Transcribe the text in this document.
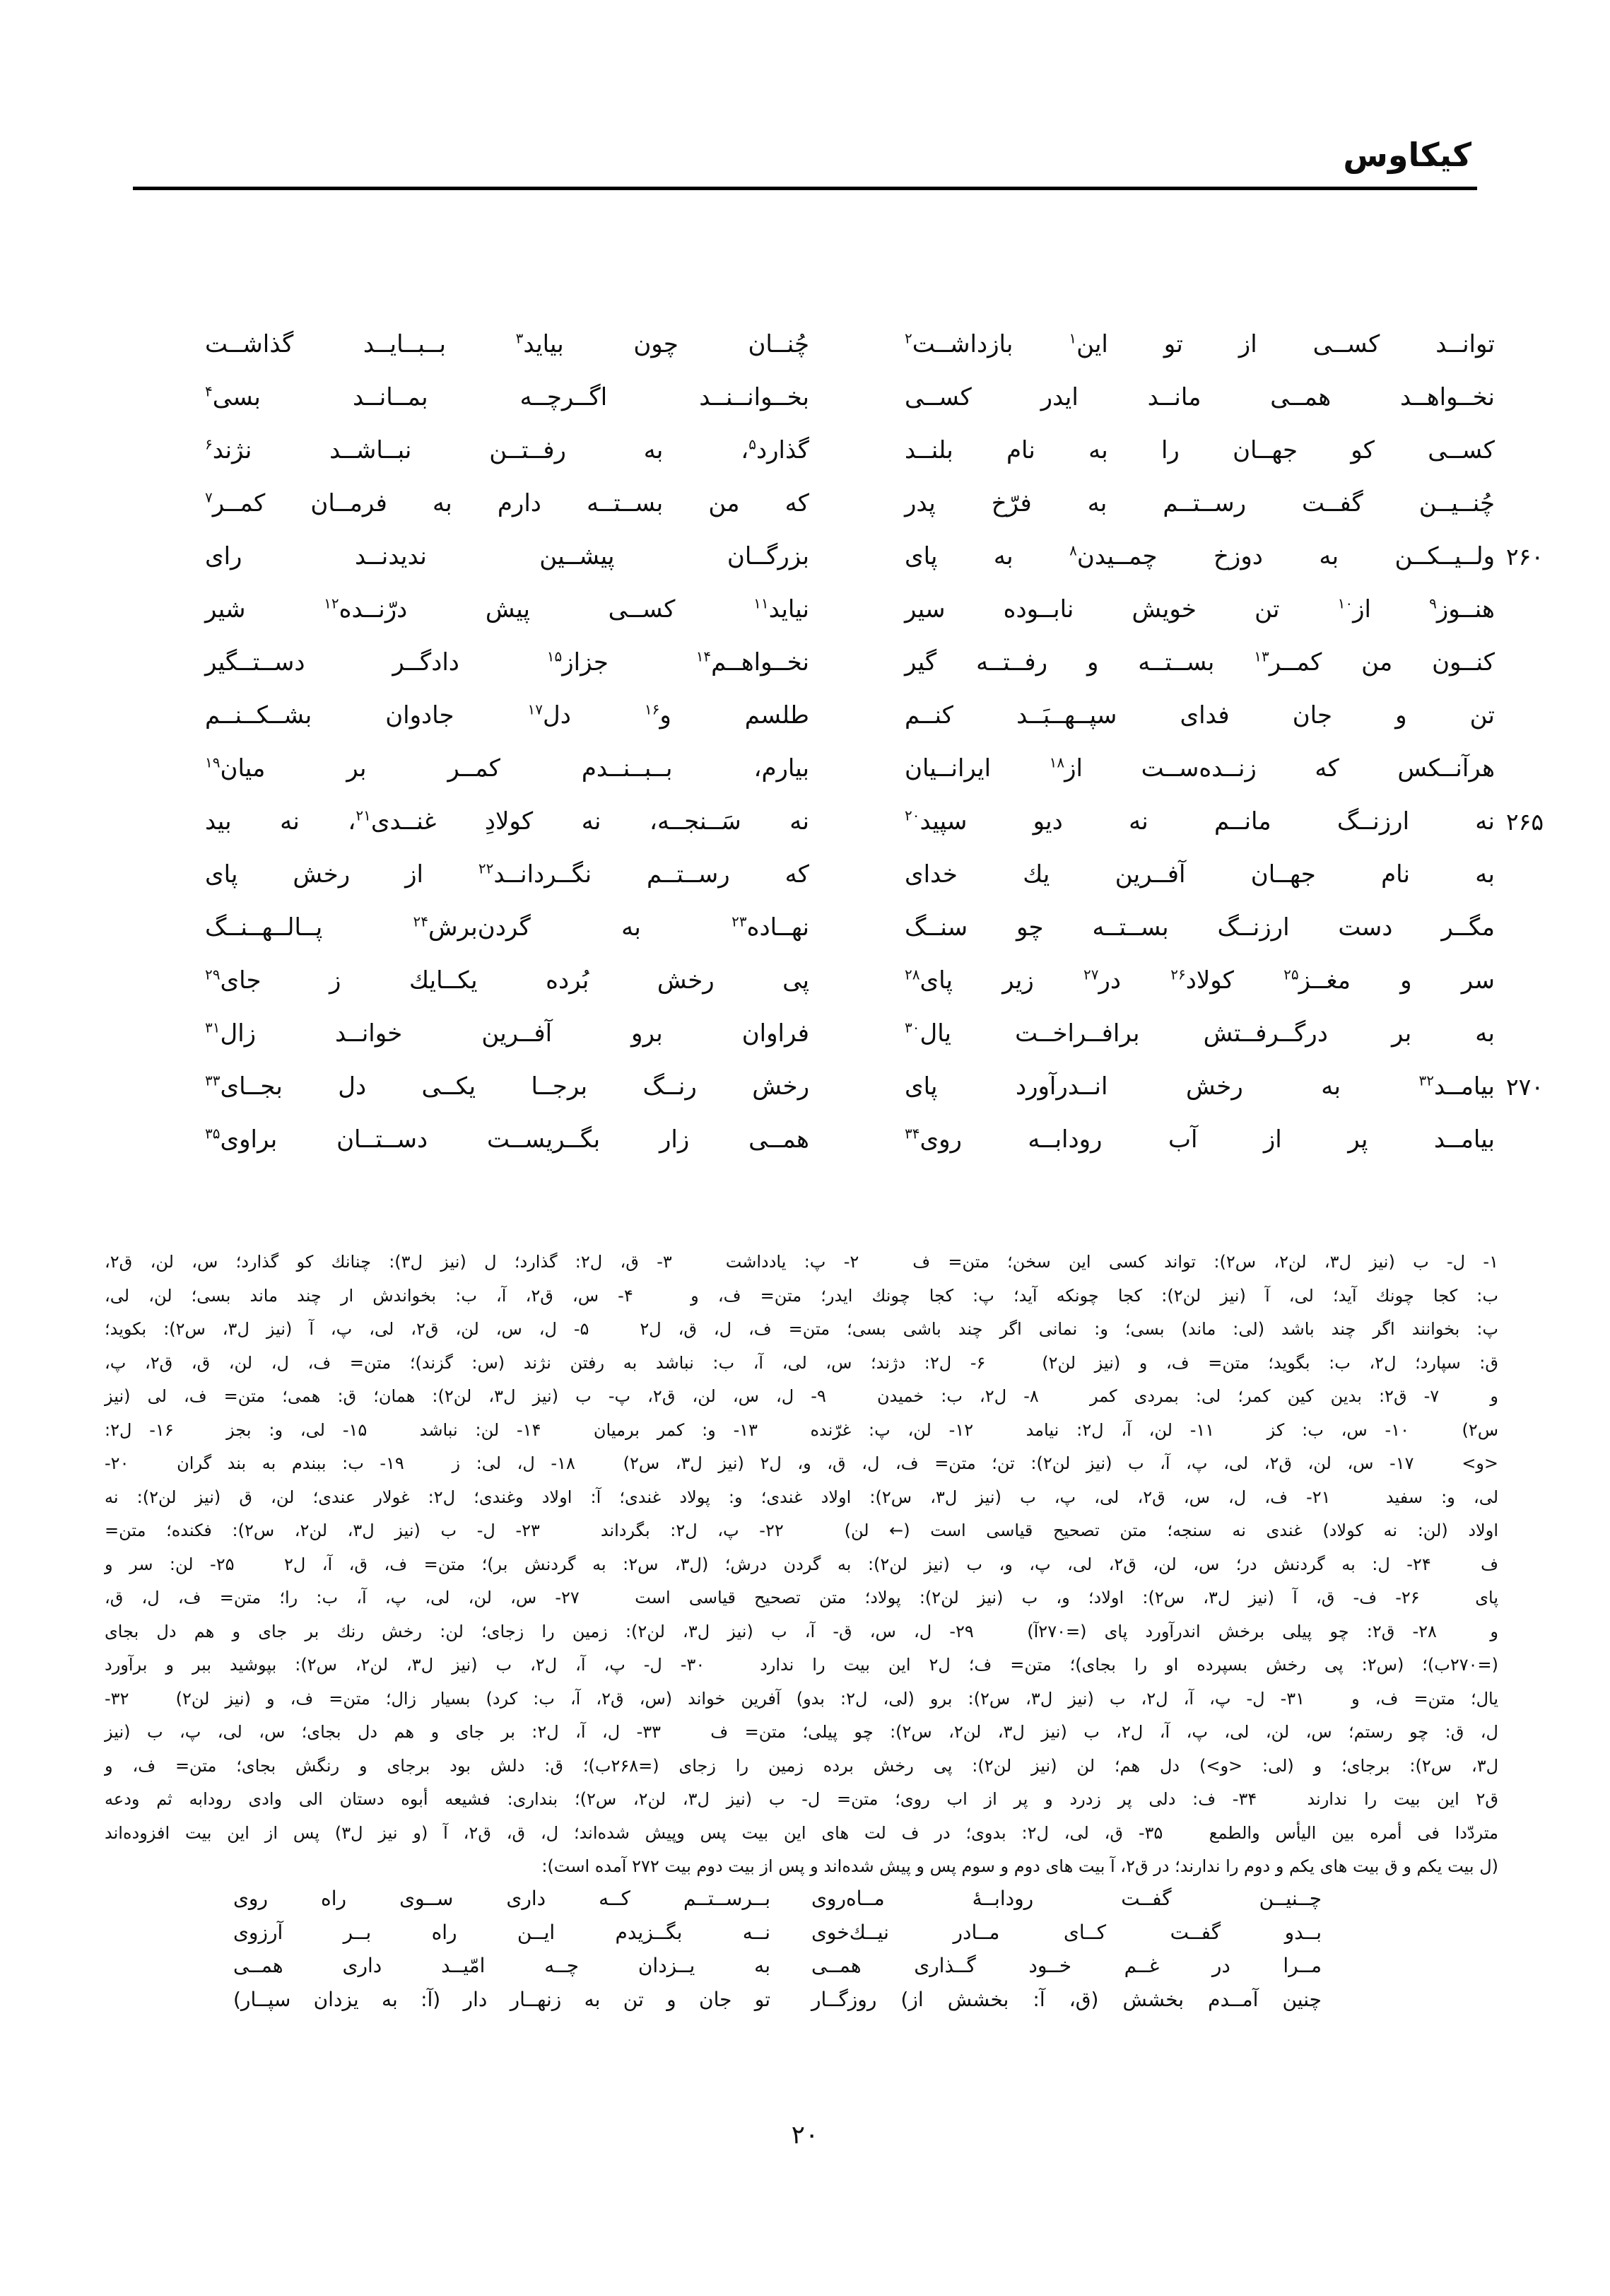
کیکاوس
توانــد کســی از تو این$^۱$ بازداشــت$^۲$
چُنــان چون بیاید$^۳$ بــبــایــد گذاشــت
نخــواهــد همــی مانــد ایدر کســی
بخــوانــنــد اگــرچــه بمــانــد بسی$^۴$
کســی کو جهــان را به نام بلنــد
گذارد$^۵$، به رفــتــن نبــاشــد نژند$^۶$
چُنــیــن گفــت رســتــم به فرّخ پدر
که من بســتــه دارم به فرمــان کمــر$^۷$
۲۶۰
ولــیــکــن به دوزخ چمــیدن$^۸$ به پای
بزرگــان پیشــین ندیدنــد رای
هنــوز$^۹$ از$^{۱۰}$ تن خویش نابــوده سیر
نیاید$^{۱۱}$ کســی پیش درّنــده$^{۱۲}$ شیر
کنــون من کمــر$^{۱۳}$ بســتــه و رفــتــه گیر
نخــواهــم$^{۱۴}$ جزاز$^{۱۵}$ دادگــر دســتــگیر
تن و جان فدای سپــهــبَــد کنــم
طلسم و$^{۱۶}$ دل$^{۱۷}$ جادوان بشــکــنــم
هرآنــکس که زنــده‌ســت از$^{۱۸}$ ایرانــیان
بیارم، بــبــنــدم کمــر بر میان$^{۱۹}$
۲۶۵
نه ارزنــگ مانــم نه دیو سپید$^{۲۰}$
نه سَــنجــه، نه کولادِ غنــدی$^{۲۱}$، نه بید
به نام جهــان آفــرین یك خدای
که رســتــم نگــردانــد$^{۲۲}$ از رخش پای
مگــر دست ارزنــگ بســتــه چو سنــگ
نهــاده$^{۲۳}$ به گردن‌برش$^{۲۴}$ پــالــهــنــگ
سر و مغــز$^{۲۵}$ کولاد$^{۲۶}$ در$^{۲۷}$ زیر پای$^{۲۸}$
پی رخش بُرده یکــایك ز جای$^{۲۹}$
به بر درگــرفــتش برافــراخــت یال$^{۳۰}$
فراوان برو آفــرین خوانــد زال$^{۳۱}$
۲۷۰
بیامــد$^{۳۲}$ به رخش انــدرآورد پای
رخش رنــگ برجــا یکــی دل بجــای$^{۳۳}$
بیامــد پر از آب رودابــه روی$^{۳۴}$
همــی زار بگــریســت دســتــان براوی$^{۳۵}$
۱- ل- ب (نیز ل۳، لن۲، س۲): تواند کسی این سخن؛ متن= ف   ۲- پ: یادداشت   ۳- ق، ل۲: گذارد؛ ل (نیز ل۳): چنانك کو گذارد؛ س، لن، ق۲،
ب: کجا چونك آید؛ لی، آ (نیز لن۲): کجا چونکه آید؛ پ: کجا چونك ایدر؛ متن= ف، و   ۴- س، ق۲، آ، ب: بخواندش ار چند ماند بسی؛ لن، لی،
پ: بخوانند اگر چند باشد (لی: ماند) بسی؛ و: نمانی اگر چند باشی بسی؛ متن= ف، ل، ق، ل۲   ۵- ل، س، لن، ق۲، لی، پ، آ (نیز ل۳، س۲): بکوید؛
ق: سپارد؛ ل۲، ب: بگوید؛ متن= ف، و (نیز لن۲)   ۶- ل۲: دژند؛ س، لی، آ، ب: نباشد به رفتن نژند (س: گزند)؛ متن= ف، ل، لن، ق، ق۲، پ،
و   ۷- ق۲: بدین کین کمر؛ لی: بمردی کمر   ۸- ل۲، ب: خمیدن   ۹- ل، س، لن، ق۲، پ- ب (نیز ل۳، لن۲): همان؛ ق: همی؛ متن= ف، لی (نیز
س۲)   ۱۰- س، ب: کز   ۱۱- لن، آ، ل۲: نیامد   ۱۲- لن، پ: غرّنده   ۱۳- و: کمر برمیان   ۱۴- لن: نباشد   ۱۵- لی، و: بجز   ۱۶- ل۲:
<و>   ۱۷- س، لن، ق۲، لی، پ، آ، ب (نیز لن۲): تن؛ متن= ف، ل، ق، و، ل۲ (نیز ل۳، س۲)   ۱۸- ل، لی: ز   ۱۹- ب: ببندم به بند گران   ۲۰-
لی، و: سفید   ۲۱- ف، ل، س، ق۲، لی، پ، ب (نیز ل۳، س۲): اولاد غندی؛ و: پولاد غندی؛ آ: اولاد وغندی؛ ل۲: غولار عندی؛ لن، ق (نیز لن۲): نه
اولاد (لن: نه کولاد) غندی نه سنجه؛ متن تصحیح قیاسی است (← لن)   ۲۲- پ، ل۲: بگرداند   ۲۳- ل- ب (نیز ل۳، لن۲، س۲): فکنده؛ متن=
ف   ۲۴- ل: به گردنش در؛ س، لن، ق۲، لی، پ، و، ب (نیز لن۲): به گردن درش؛ (ل۳، س۲: به گردنش بر)؛ متن= ف، ق، آ، ل۲   ۲۵- لن: سر و
پای   ۲۶- ف- ق، آ (نیز ل۳، س۲): اولاد؛ و، ب (نیز لن۲): پولاد؛ متن تصحیح قیاسی است   ۲۷- س، لن، لی، پ، آ، ب: را؛ متن= ف، ل، ق،
و   ۲۸- ق۲: چو پیلی برخش اندرآورد پای (=۲۷۰آ)   ۲۹- ل، س، ق- آ، ب (نیز ل۳، لن۲): زمین را زجای؛ لن: رخش رنك بر جای و هم دل بجای
(=۲۷۰ب)؛ (س۲: پی رخش بسپرده او را بجای)؛ متن= ف؛ ل۲ این بیت را ندارد   ۳۰- ل- پ، آ، ل۲، ب (نیز ل۳، لن۲، س۲): بپوشید ببر و برآورد
یال؛ متن= ف، و   ۳۱- ل- پ، آ، ل۲، ب (نیز ل۳، س۲): برو (لی، ل۲: بدو) آفرین خواند (س، ق۲، آ، ب: کرد) بسیار زال؛ متن= ف، و (نیز لن۲)   ۳۲-
ل، ق: چو رستم؛ س، لن، لی، پ، آ، ل۲، ب (نیز ل۳، لن۲، س۲): چو پیلی؛ متن= ف   ۳۳- ل، آ، ل۲: بر جای و هم دل بجای؛ س، لی، پ، ب (نیز
ل۳، س۲): برجای؛ و (لی: <و>) دل هم؛ لن (نیز لن۲): پی رخش برده زمین را زجای (=۲۶۸ب)؛ ق: دلش بود برجای و رنگش بجای؛ متن= ف، و
ق۲ این بیت را ندارند   ۳۴- ف: دلی پر زدرد و پر از اب روی؛ متن= ل- ب (نیز ل۳، لن۲، س۲)؛ بنداری: فشیعه أبوه دستان الی وادی رودابه ثم ودعه
متردّدا فی أمره بین الیأس والطمع   ۳۵- ق، لی، ل۲: بدوی؛ در ف لت های این بیت پس وپیش شده‌اند؛ ل، ق، ق۲، آ (و نیز ل۳) پس از این بیت افزوده‌اند
(ل بیت یکم و ق بیت های یکم و دوم را ندارند؛ در ق۲، آ بیت های دوم و سوم پس و پیش شده‌اند و پس از بیت دوم بیت ۲۷۲ آمده است):
چــنیــن گفــت رودابــۀ مــاه‌روی
بــرســتــم کــه داری ســوی راه روی
بــدو گفــت کــای مــادر نیــك‌خوی
نــه بگــزیدم ایــن راه بــر آرزوی
مــرا در غــم خــود گــذاری همــی
به یــزدان چــه امّیــد داری همــی
چنین آمــدم بخشش (ق، آ: بخشش از) روزگــار
تو جان و تن به زنهــار دار (آ: به یزدان سپــار)
۲۰
